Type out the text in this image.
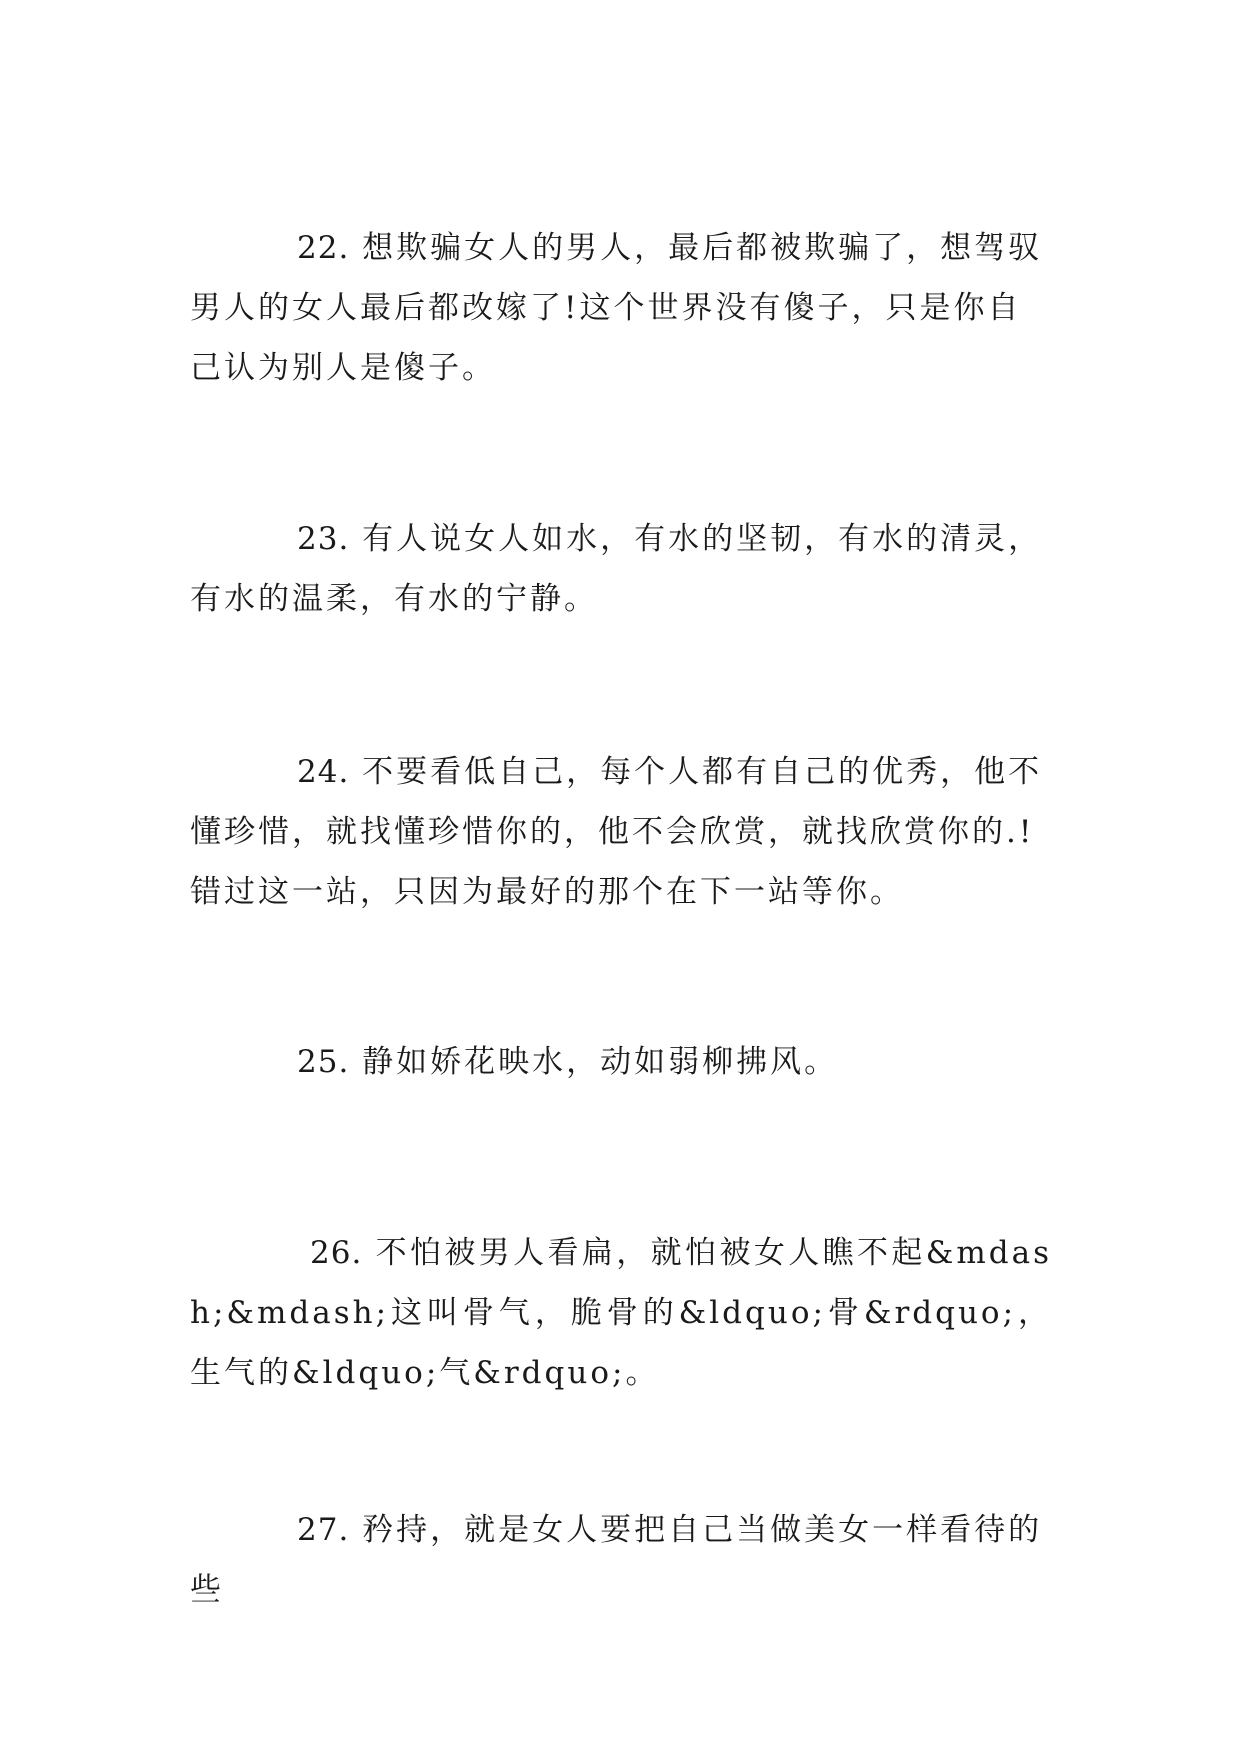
22. 想欺骗女人的男人，最后都被欺骗了，想驾驭男人的女人最后都改嫁了!这个世界没有傻子，只是你自己认为别人是傻子。

23. 有人说女人如水，有水的坚韧，有水的清灵，有水的温柔，有水的宁静。

24. 不要看低自己，每个人都有自己的优秀，他不懂珍惜，就找懂珍惜你的，他不会欣赏，就找欣赏你的.!错过这一站，只因为最好的那个在下一站等你。

25. 静如娇花映水，动如弱柳拂风。

26. 不怕被男人看扁，就怕被女人瞧不起&mdash;&mdash;这叫骨气，脆骨的&ldquo;骨&rdquo;，生气的&ldquo;气&rdquo;。

27. 矜持，就是女人要把自己当做美女一样看待的些
